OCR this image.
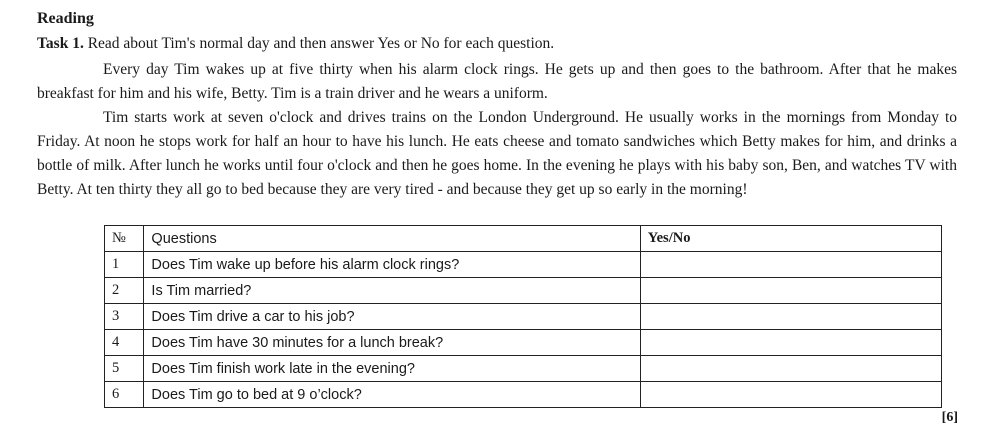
Reading
Task 1. Read about Tim's normal day and then answer Yes or No for each question.

Every day Tim wakes up at five thirty when his alarm clock rings. He gets up and then goes to the bathroom. After that he makes breakfast for him and his wife, Betty. Tim is a train driver and he wears a uniform.

Tim starts work at seven o'clock and drives trains on the London Underground. He usually works in the mornings from Monday to Friday. At noon he stops work for half an hour to have his lunch. He eats cheese and tomato sandwiches which Betty makes for him, and drinks a bottle of milk. After lunch he works until four o'clock and then he goes home. In the evening he plays with his baby son, Ben, and watches TV with Betty. At ten thirty they all go to bed because they are very tired - and because they get up so early in the morning!

№	Questions	Yes/No
1	Does Tim wake up before his alarm clock rings?	
2	Is Tim married?	
3	Does Tim drive a car to his job?	
4	Does Tim have 30 minutes for a lunch break?	
5	Does Tim finish work late in the evening?	
6	Does Tim go to bed at 9 o’clock?	
[6]
